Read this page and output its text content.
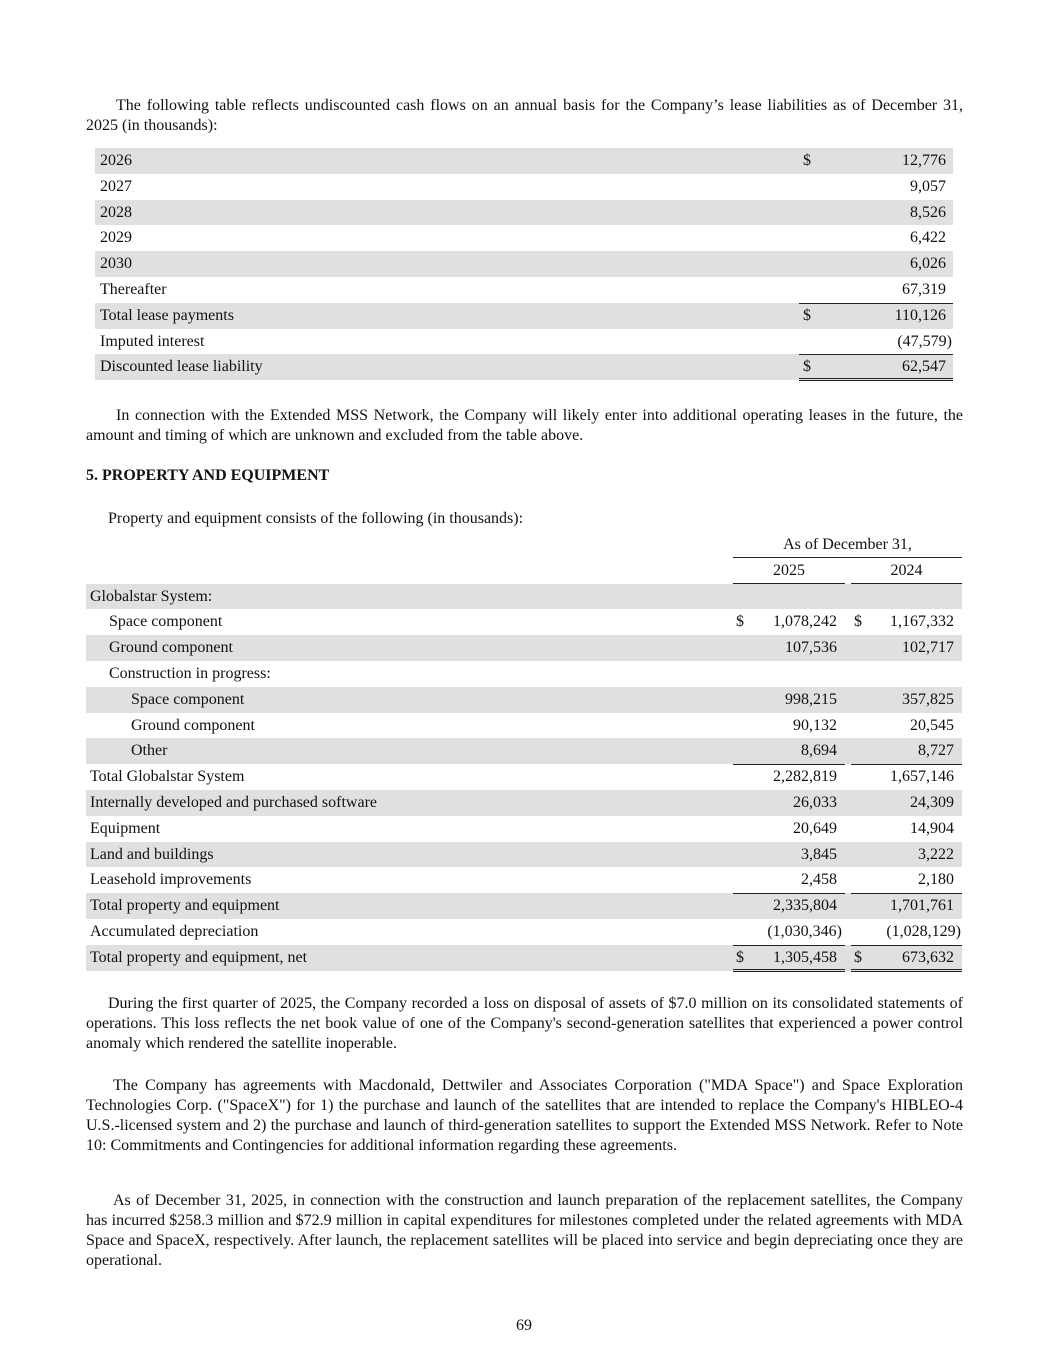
The following table reflects undiscounted cash flows on an annual basis for the Company’s lease liabilities as of December 31, 2025 (in thousands):

2026	$	12,776
2027	9,057
2028	8,526
2029	6,422
2030	6,026
Thereafter	67,319
Total lease payments	$	110,126
Imputed interest	(47,579)
Discounted lease liability	$	62,547

In connection with the Extended MSS Network, the Company will likely enter into additional operating leases in the future, the amount and timing of which are unknown and excluded from the table above.

5. PROPERTY AND EQUIPMENT

Property and equipment consists of the following (in thousands):

As of December 31,
2025	2024
Globalstar System:
Space component	$ 1,078,242 $ 1,167,332
Ground component	107,536	102,717
Construction in progress:
Space component	998,215	357,825
Ground component	90,132	20,545
Other	8,694	8,727
Total Globalstar System	2,282,819	1,657,146
Internally developed and purchased software	26,033	24,309
Equipment	20,649	14,904
Land and buildings	3,845	3,222
Leasehold improvements	2,458	2,180
Total property and equipment	2,335,804	1,701,761
Accumulated depreciation	(1,030,346)	(1,028,129)
Total property and equipment, net	$ 1,305,458 $	673,632

During the first quarter of 2025, the Company recorded a loss on disposal of assets of $7.0 million on its consolidated statements of operations. This loss reflects the net book value of one of the Company's second-generation satellites that experienced a power control anomaly which rendered the satellite inoperable.

The Company has agreements with Macdonald, Dettwiler and Associates Corporation ("MDA Space") and Space Exploration Technologies Corp. ("SpaceX") for 1) the purchase and launch of the satellites that are intended to replace the Company's HIBLEO-4 U.S.-licensed system and 2) the purchase and launch of third-generation satellites to support the Extended MSS Network. Refer to Note 10: Commitments and Contingencies for additional information regarding these agreements.

As of December 31, 2025, in connection with the construction and launch preparation of the replacement satellites, the Company has incurred $258.3 million and $72.9 million in capital expenditures for milestones completed under the related agreements with MDA Space and SpaceX, respectively. After launch, the replacement satellites will be placed into service and begin depreciating once they are operational.

69
